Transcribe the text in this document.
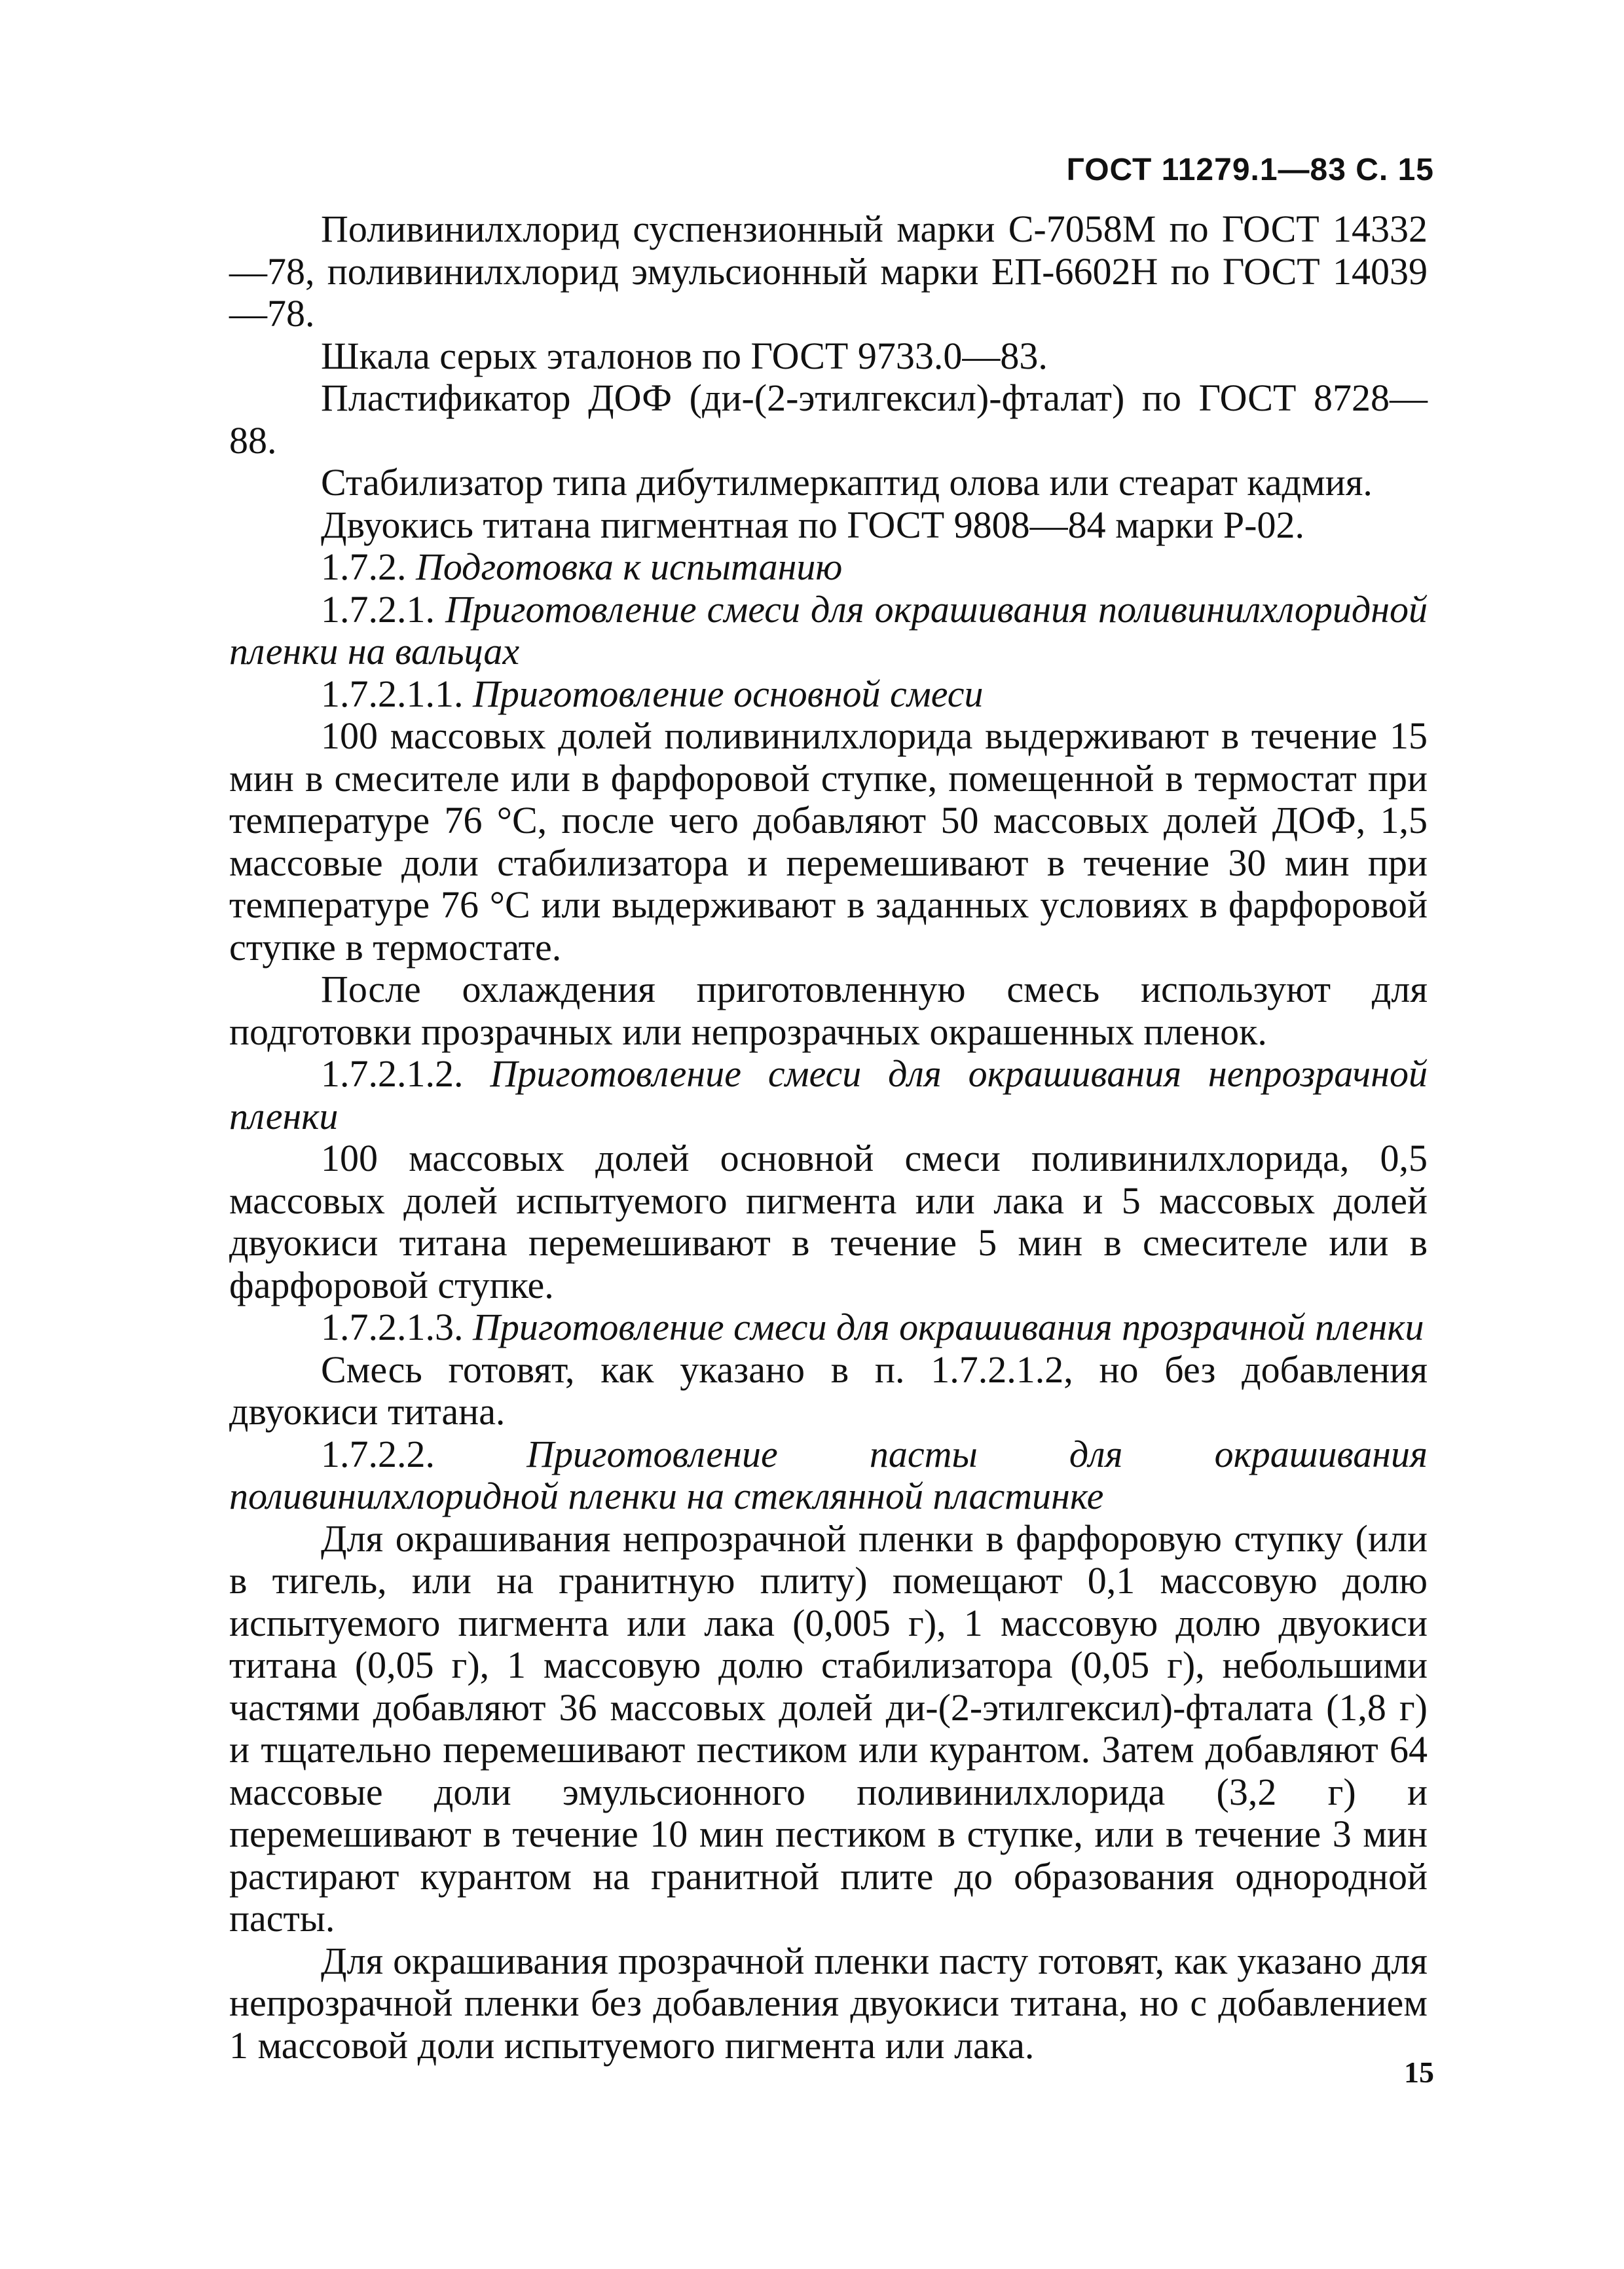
ГОСТ 11279.1—83 С. 15

Поливинилхлорид суспензионный марки С-7058М по ГОСТ 14332—78, поливинилхлорид эмульсионный марки ЕП-6602Н по ГОСТ 14039—78.

Шкала серых эталонов по ГОСТ 9733.0—83.

Пластификатор ДОФ (ди-(2-этилгексил)-фталат) по ГОСТ 8728—88.

Стабилизатор типа дибутилмеркаптид олова или стеарат кадмия.

Двуокись титана пигментная по ГОСТ 9808—84 марки Р-02.

1.7.2. Подготовка к испытанию

1.7.2.1. Приготовление смеси для окрашивания поливинилхлоридной пленки на вальцах

1.7.2.1.1. Приготовление основной смеси

100 массовых долей поливинилхлорида выдерживают в течение 15 мин в смесителе или в фарфоровой ступке, помещенной в термостат при температуре 76 °С, после чего добавляют 50 массовых долей ДОФ, 1,5 массовые доли стабилизатора и перемешивают в течение 30 мин при температуре 76 °С или выдерживают в заданных условиях в фарфоровой ступке в термостате.

После охлаждения приготовленную смесь используют для подготовки прозрачных или непрозрачных окрашенных пленок.

1.7.2.1.2. Приготовление смеси для окрашивания непрозрачной пленки

100 массовых долей основной смеси поливинилхлорида, 0,5 массовых долей испытуемого пигмента или лака и 5 массовых долей двуокиси титана перемешивают в течение 5 мин в смесителе или в фарфоровой ступке.

1.7.2.1.3. Приготовление смеси для окрашивания прозрачной пленки

Смесь готовят, как указано в п. 1.7.2.1.2, но без добавления двуокиси титана.

1.7.2.2. Приготовление пасты для окрашивания поливинилхлоридной пленки на стеклянной пластинке

Для окрашивания непрозрачной пленки в фарфоровую ступку (или в тигель, или на гранитную плиту) помещают 0,1 массовую долю испытуемого пигмента или лака (0,005 г), 1 массовую долю двуокиси титана (0,05 г), 1 массовую долю стабилизатора (0,05 г), небольшими частями добавляют 36 массовых долей ди-(2-этилгексил)-фталата (1,8 г) и тщательно перемешивают пестиком или курантом. Затем добавляют 64 массовые доли эмульсионного поливинилхлорида (3,2 г) и перемешивают в течение 10 мин пестиком в ступке, или в течение 3 мин растирают курантом на гранитной плите до образования однородной пасты.

Для окрашивания прозрачной пленки пасту готовят, как указано для непрозрачной пленки без добавления двуокиси титана, но с добавлением 1 массовой доли испытуемого пигмента или лака.

15
